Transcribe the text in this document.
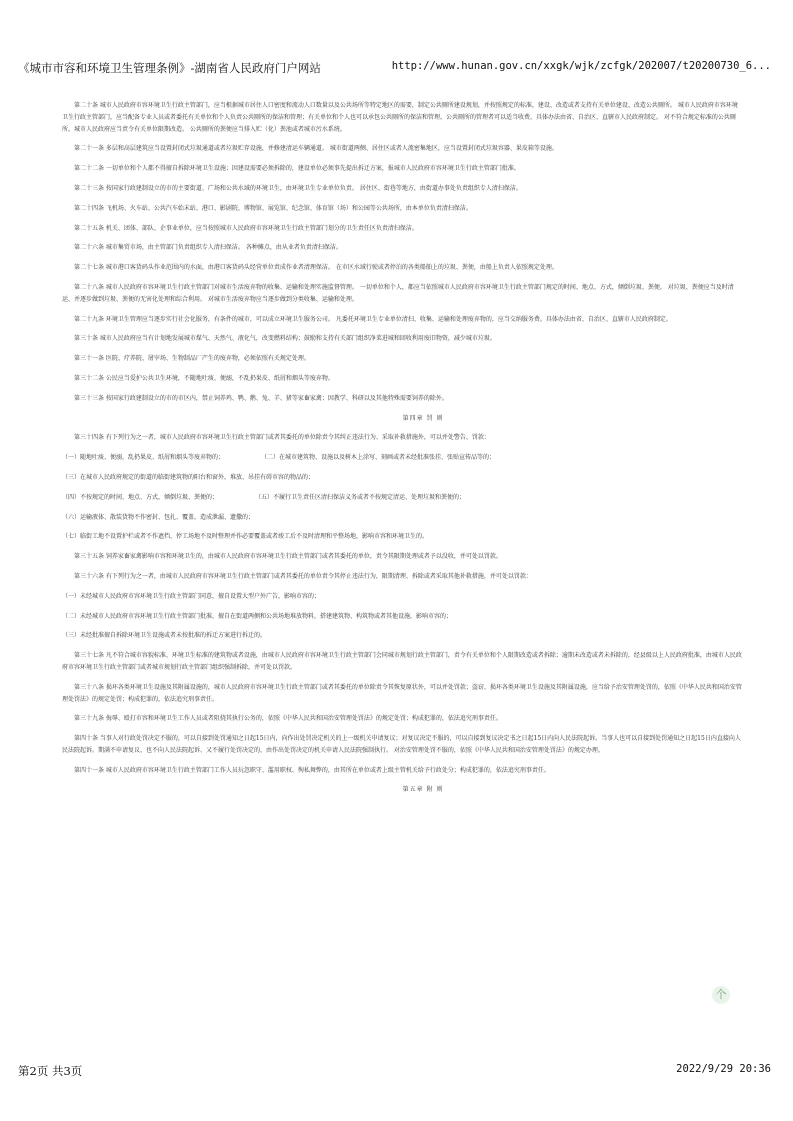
《城市市容和环境卫生管理条例》-湖南省人民政府门户网站	http://www.hunan.gov.cn/xxgk/wjk/zcfgk/202007/t20200730_6...
第二十条 城市人民政府市容环境卫生行政主管部门，应当根据城市居住人口密度和流动人口数量以及公共场所等特定地区的需要，制定公共厕所建设规划，并按照规定的标准，建设、改造或者支持有关单位建设、改造公共厕所。 城市人民政府市容环境卫生行政主管部门，应当配备专业人员或者委托有关单位和个人负责公共厕所的保洁和管理；有关单位和个人也可以承包公共厕所的保洁和管理。公共厕所的管理者可以适当收费，具体办法由省、自治区、直辖市人民政府制定。 对不符合规定标准的公共厕所，城市人民政府应当责令有关单位限期改造。 公共厕所的粪便应当排入贮（化）粪池或者城市污水系统。
第二十一条 多层和高层建筑应当设置封闭式垃圾通道或者垃圾贮存设施，并修建清运车辆通道。 城市街道两侧、居住区或者人流密集地区，应当设置封闭式垃圾容器、果皮箱等设施。
第二十二条 一切单位和个人都不得擅自拆除环境卫生设施；因建设需要必须拆除的，建设单位必须事先提出拆迁方案，报城市人民政府市容环境卫生行政主管部门批准。
第二十三条 按国家行政建制设立的市的主要街道、广场和公共水域的环境卫生，由环境卫生专业单位负责。 居住区、街巷等地方，由街道办事处负责组织专人清扫保洁。
第二十四条 飞机场、火车站、公共汽车始末站、港口、影剧院、博物馆、展览馆、纪念馆、体育馆（场）和公园等公共场所，由本单位负责清扫保洁。
第二十五条 机关、团体、部队、企事业单位，应当按照城市人民政府市容环境卫生行政主管部门划分的卫生责任区负责清扫保洁。
第二十六条 城市集贸市场，由主管部门负责组织专人清扫保洁。 各种摊点，由从业者负责清扫保洁。
第二十七条 城市港口客货码头作业范围内的水面，由港口客货码头经营单位责成作业者清理保洁。 在市区水域行驶或者停泊的各类船舶上的垃圾、粪便，由船上负责人依照规定处理。
第二十八条 城市人民政府市容环境卫生行政主管部门对城市生活废弃物的收集、运输和处理实施监督管理。 一切单位和个人，都应当依照城市人民政府市容环境卫生行政主管部门规定的时间、地点、方式，倾倒垃圾、粪便。 对垃圾、粪便应当及时清运，并逐步做到垃圾、粪便的无害化处理和综合利用。 对城市生活废弃物应当逐步做到分类收集、运输和处理。
第二十九条 环境卫生管理应当逐步实行社会化服务，有条件的城市，可以成立环境卫生服务公司。 凡委托环境卫生专业单位清扫、收集、运输和处理废弃物的，应当交纳服务费。具体办法由省、自治区、直辖市人民政府制定。
第三十条 城市人民政府应当有计划地发展城市煤气、天然气、液化气，改变燃料结构；鼓励和支持有关部门组织净菜进城和回收利用废旧物资，减少城市垃圾。
第三十一条 医院、疗养院、屠宰场、生物制品厂产生的废弃物，必须依照有关规定处理。
第三十二条 公民应当爱护公共卫生环境，不随地吐痰、便溺，不乱扔果皮、纸屑和烟头等废弃物。
第三十三条 按国家行政建制设立的市的市区内，禁止饲养鸡、鸭、鹅、兔、羊、猪等家畜家禽；因教学、科研以及其他特殊需要饲养的除外。
第四章 罚 则
第三十四条 有下列行为之一者，城市人民政府市容环境卫生行政主管部门或者其委托的单位除责令其纠正违法行为、采取补救措施外，可以并处警告、罚款：
（一）随地吐痰、便溺，乱扔果皮、纸屑和烟头等废弃物的；	（二）在城市建筑物、设施以及树木上涂写、刻画或者未经批准张挂、张贴宣传品等的；
（三）在城市人民政府规定的街道的临街建筑物的阳台和窗外，堆放、吊挂有碍市容的物品的；
（四）不按规定的时间、地点、方式，倾倒垃圾、粪便的；	（五）不履行卫生责任区清扫保洁义务或者不按规定清运、处理垃圾和粪便的；
（六）运输液体、散装货物不作密封、包扎、覆盖，造成泄漏、遗撒的；
（七）临街工地不设置护栏或者不作遮挡、停工场地不及时整理并作必要覆盖或者竣工后不及时清理和平整场地，影响市容和环境卫生的。
第三十五条 饲养家畜家禽影响市容和环境卫生的，由城市人民政府市容环境卫生行政主管部门或者其委托的单位，责令其限期处理或者予以没收，并可处以罚款。
第三十六条 有下列行为之一者，由城市人民政府市容环境卫生行政主管部门或者其委托的单位责令其停止违法行为，限期清理、拆除或者采取其他补救措施，并可处以罚款：
（一）未经城市人民政府市容环境卫生行政主管部门同意，擅自设置大型户外广告，影响市容的；
（二）未经城市人民政府市容环境卫生行政主管部门批准，擅自在街道两侧和公共场地堆放物料，搭建建筑物、构筑物或者其他设施，影响市容的；
（三）未经批准擅自拆除环境卫生设施或者未按批准的拆迁方案进行拆迁的。
第三十七条 凡不符合城市容貌标准、环境卫生标准的建筑物或者设施，由城市人民政府市容环境卫生行政主管部门会同城市规划行政主管部门，责令有关单位和个人限期改造或者拆除；逾期未改造或者未拆除的，经县级以上人民政府批准，由城市人民政府市容环境卫生行政主管部门或者城市规划行政主管部门组织强制拆除，并可处以罚款。
第三十八条 损坏各类环境卫生设施及其附属设施的，城市人民政府市容环境卫生行政主管部门或者其委托的单位除责令其恢复原状外，可以并处罚款；盗窃、损坏各类环境卫生设施及其附属设施，应当给予治安管理处罚的，依照《中华人民共和国治安管理处罚法》的规定处罚；构成犯罪的，依法追究刑事责任。
第三十九条 侮辱、殴打市容和环境卫生工作人员或者阻挠其执行公务的，依照《中华人民共和国治安管理处罚法》的规定处罚；构成犯罪的，依法追究刑事责任。
第四十条 当事人对行政处罚决定不服的，可以自接到处罚通知之日起15日内，向作出处罚决定机关的上一级机关申请复议；对复议决定不服的，可以自接到复议决定书之日起15日内向人民法院起诉。当事人也可以自接到处罚通知之日起15日内直接向人民法院起诉。期满不申请复议、也不向人民法院起诉、又不履行处罚决定的，由作出处罚决定的机关申请人民法院强制执行。 对治安管理处罚不服的，依照《中华人民共和国治安管理处罚法》的规定办理。
第四十一条 城市人民政府市容环境卫生行政主管部门工作人员玩忽职守、滥用职权、徇私舞弊的，由其所在单位或者上级主管机关给予行政处分；构成犯罪的，依法追究刑事责任。
第五章 附 则
个
第2页 共3页	2022/9/29 20:36
